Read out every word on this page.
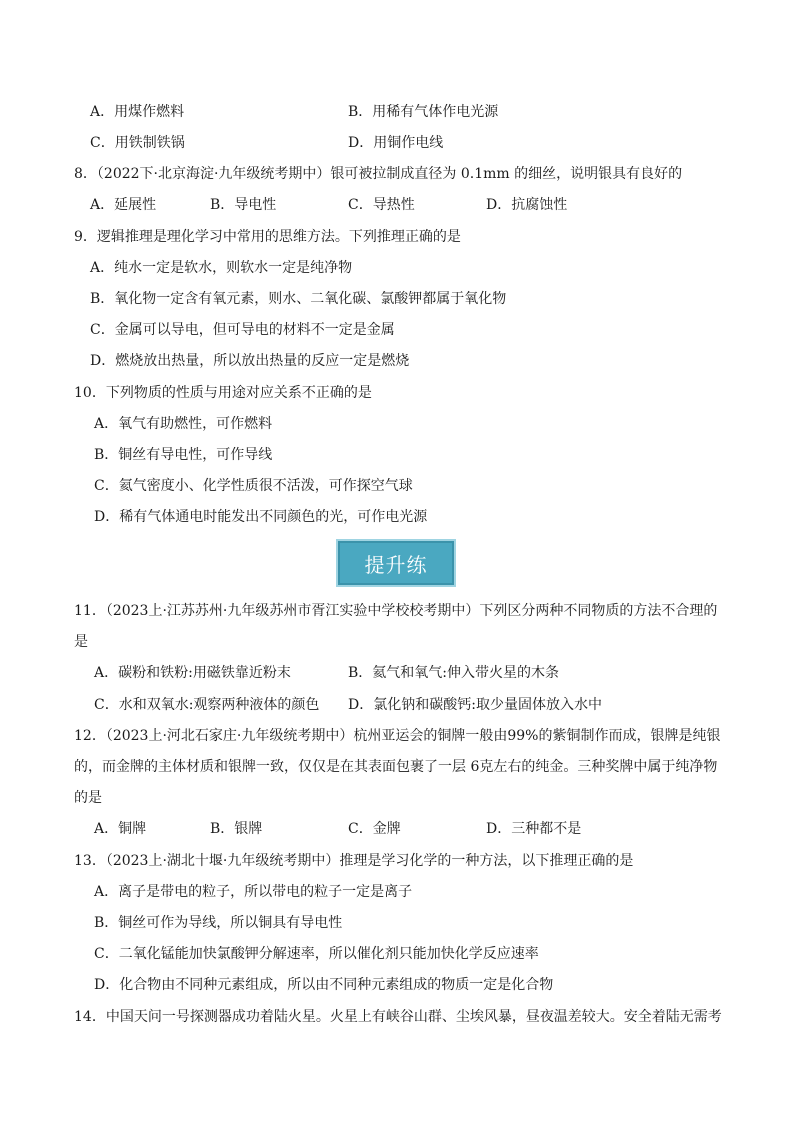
A．用煤作燃料	B．用稀有气体作电光源
C．用铁制铁锅	D．用铜作电线
8．（2022下·北京海淀·九年级统考期中）银可被拉制成直径为 0.1mm 的细丝，说明银具有良好的
A．延展性	B．导电性	C．导热性	D．抗腐蚀性
9．逻辑推理是理化学习中常用的思维方法。下列推理正确的是
A．纯水一定是软水，则软水一定是纯净物
B．氧化物一定含有氧元素，则水、二氧化碳、氯酸钾都属于氧化物
C．金属可以导电，但可导电的材料不一定是金属
D．燃烧放出热量，所以放出热量的反应一定是燃烧
10．下列物质的性质与用途对应关系不正确的是
A．氧气有助燃性，可作燃料
B．铜丝有导电性，可作导线
C．氦气密度小、化学性质很不活泼，可作探空气球
D．稀有气体通电时能发出不同颜色的光，可作电光源
提升练
11．（2023上·江苏苏州·九年级苏州市胥江实验中学校校考期中）下列区分两种不同物质的方法不合理的
是
A．碳粉和铁粉:用磁铁靠近粉末	B．氦气和氧气:伸入带火星的木条
C．水和双氧水:观察两种液体的颜色 D．氯化钠和碳酸钙:取少量固体放入水中
12．（2023上·河北石家庄·九年级统考期中）杭州亚运会的铜牌一般由99%的紫铜制作而成，银牌是纯银
的，而金牌的主体材质和银牌一致，仅仅是在其表面包裹了一层 6克左右的纯金。三种奖牌中属于纯净物
的是
A．铜牌	B．银牌	C．金牌	D．三种都不是
13．（2023上·湖北十堰·九年级统考期中）推理是学习化学的一种方法，以下推理正确的是
A．离子是带电的粒子，所以带电的粒子一定是离子
B．铜丝可作为导线，所以铜具有导电性
C．二氧化锰能加快氯酸钾分解速率，所以催化剂只能加快化学反应速率
D．化合物由不同种元素组成，所以由不同种元素组成的物质一定是化合物
14．中国天问一号探测器成功着陆火星。火星上有峡谷山群、尘埃风暴，昼夜温差较大。安全着陆无需考
